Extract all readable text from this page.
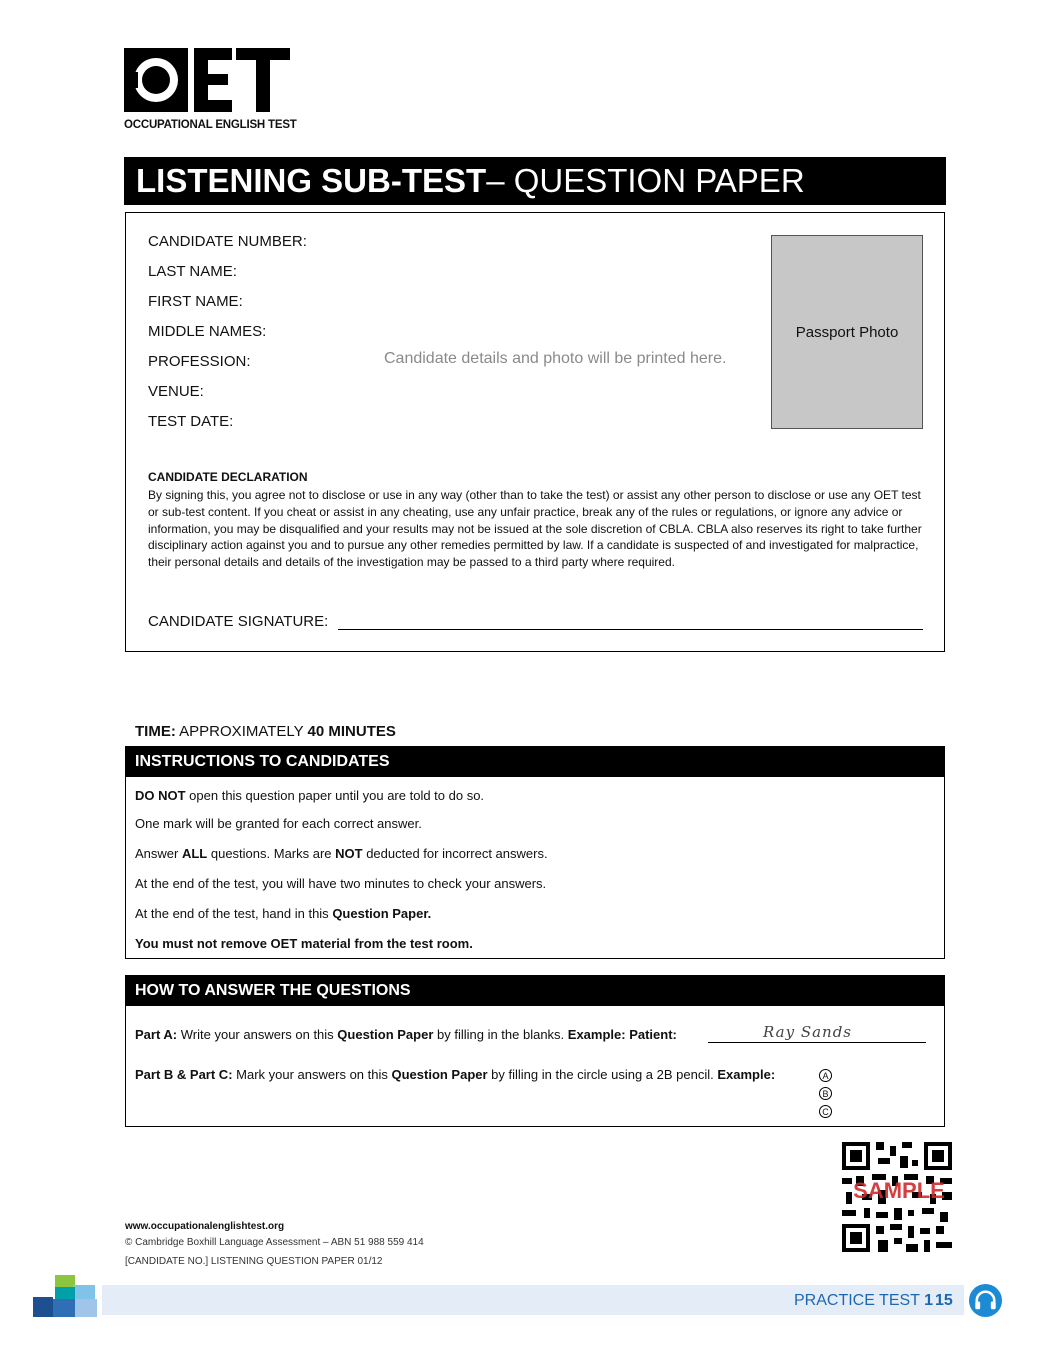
OCCUPATIONAL ENGLISH TEST
LISTENING SUB-TEST – QUESTION PAPER
CANDIDATE NUMBER:
LAST NAME:
FIRST NAME:
MIDDLE NAMES:
PROFESSION:
VENUE:
TEST DATE:
Candidate details and photo will be printed here.
Passport Photo
CANDIDATE DECLARATION
By signing this, you agree not to disclose or use in any way (other than to take the test) or assist any other person to disclose or use any OET test or sub-test content. If you cheat or assist in any cheating, use any unfair practice, break any of the rules or regulations, or ignore any advice or information, you may be disqualified and your results may not be issued at the sole discretion of CBLA. CBLA also reserves its right to take further disciplinary action against you and to pursue any other remedies permitted by law. If a candidate is suspected of and investigated for malpractice, their personal details and details of the investigation may be passed to a third party where required.
CANDIDATE SIGNATURE:
TIME: APPROXIMATELY 40 MINUTES
INSTRUCTIONS TO CANDIDATES
DO NOT open this question paper until you are told to do so.
One mark will be granted for each correct answer.
Answer ALL questions. Marks are NOT deducted for incorrect answers.
At the end of the test, you will have two minutes to check your answers.
At the end of the test, hand in this Question Paper.
You must not remove OET material from the test room.
HOW TO ANSWER THE QUESTIONS
Part A: Write your answers on this Question Paper by filling in the blanks. Example: Patient:	Ray Sands
Part B & Part C: Mark your answers on this Question Paper by filling in the circle using a 2B pencil. Example:	A
B
C
SAMPLE
www.occupationalenglishtest.org
© Cambridge Boxhill Language Assessment – ABN 51 988 559 414
[CANDIDATE NO.] LISTENING QUESTION PAPER 01/12
PRACTICE TEST 1 15
